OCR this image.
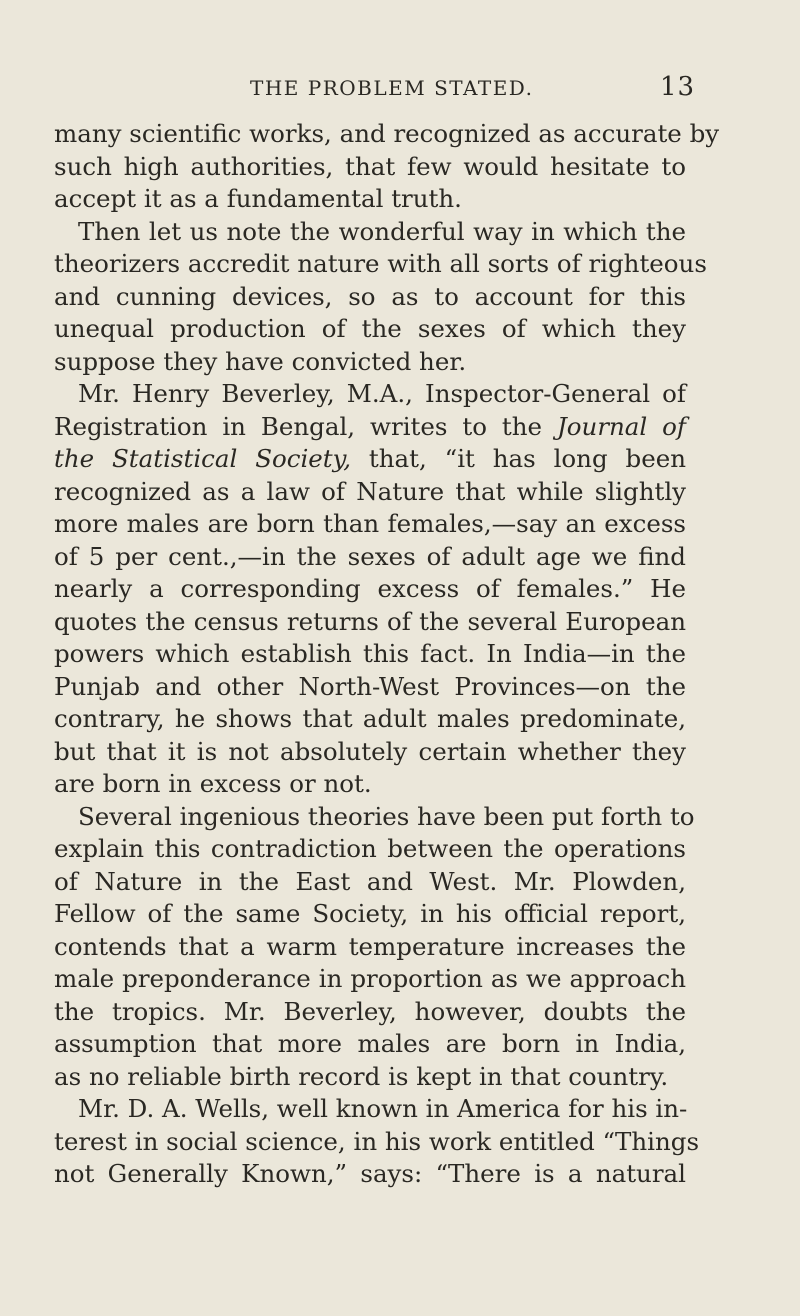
THE PROBLEM STATED.	13
many scientific works, and recognized as accurate by
such high authorities, that few would hesitate to
accept it as a fundamental truth.
Then let us note the wonderful way in which the
theorizers accredit nature with all sorts of righteous
and cunning devices, so as to account for this
unequal production of the sexes of which they
suppose they have convicted her.
Mr. Henry Beverley, M.A., Inspector-General of
Registration in Bengal, writes to the Journal of
the Statistical Society, that, “it has long been
recognized as a law of Nature that while slightly
more males are born than females,—say an excess
of 5 per cent.,—in the sexes of adult age we find
nearly a corresponding excess of females.” He
quotes the census returns of the several European
powers which establish this fact. In India—in the
Punjab and other North-West Provinces—on the
contrary, he shows that adult males predominate,
but that it is not absolutely certain whether they
are born in excess or not.
Several ingenious theories have been put forth to
explain this contradiction between the operations
of Nature in the East and West. Mr. Plowden,
Fellow of the same Society, in his official report,
contends that a warm temperature increases the
male preponderance in proportion as we approach
the tropics. Mr. Beverley, however, doubts the
assumption that more males are born in India,
as no reliable birth record is kept in that country.
Mr. D. A. Wells, well known in America for his in-
terest in social science, in his work entitled “Things
not Generally Known,” says: “There is a natural
